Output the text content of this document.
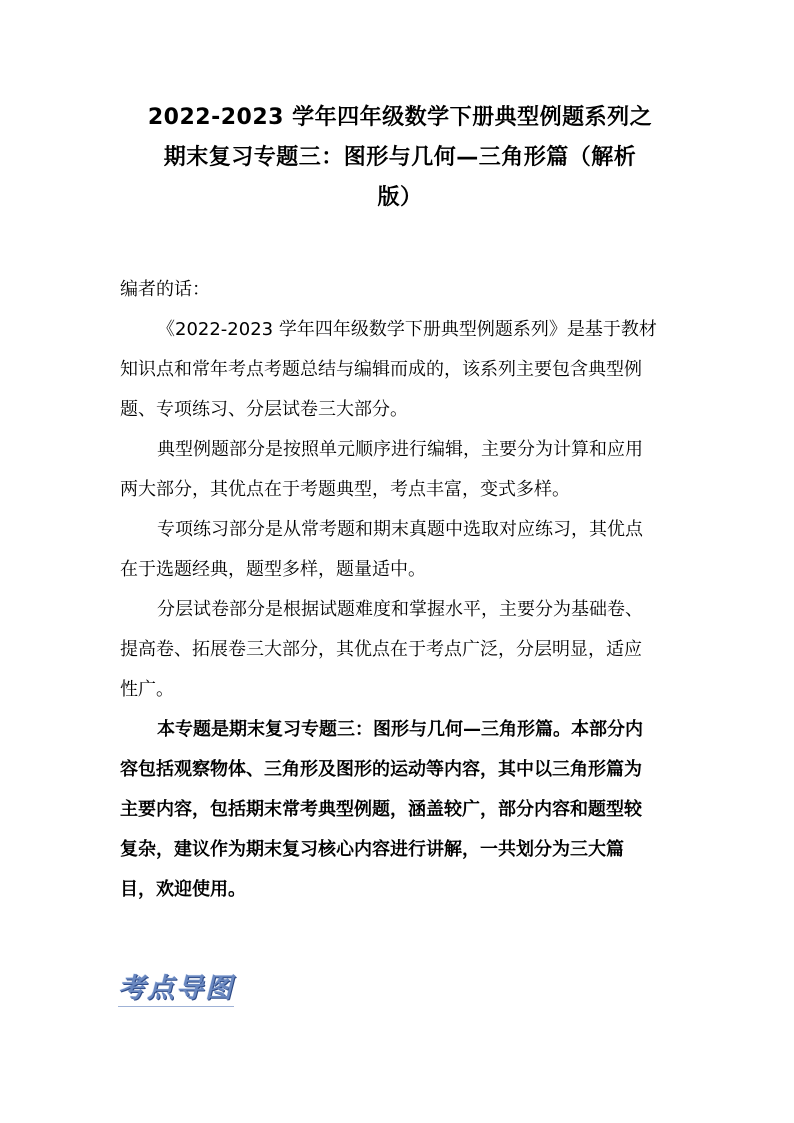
2022-2023 学年四年级数学下册典型例题系列之
期末复习专题三：图形与几何—三角形篇（解析
版）

编者的话：

《2022-2023 学年四年级数学下册典型例题系列》是基于教材
知识点和常年考点考题总结与编辑而成的，该系列主要包含典型例
题、专项练习、分层试卷三大部分。

典型例题部分是按照单元顺序进行编辑，主要分为计算和应用
两大部分，其优点在于考题典型，考点丰富，变式多样。

专项练习部分是从常考题和期末真题中选取对应练习，其优点
在于选题经典，题型多样，题量适中。

分层试卷部分是根据试题难度和掌握水平，主要分为基础卷、
提高卷、拓展卷三大部分，其优点在于考点广泛，分层明显，适应
性广。

本专题是期末复习专题三：图形与几何—三角形篇。本部分内
容包括观察物体、三角形及图形的运动等内容，其中以三角形篇为
主要内容，包括期末常考典型例题，涵盖较广，部分内容和题型较
复杂，建议作为期末复习核心内容进行讲解，一共划分为三大篇
目，欢迎使用。

考点导图
